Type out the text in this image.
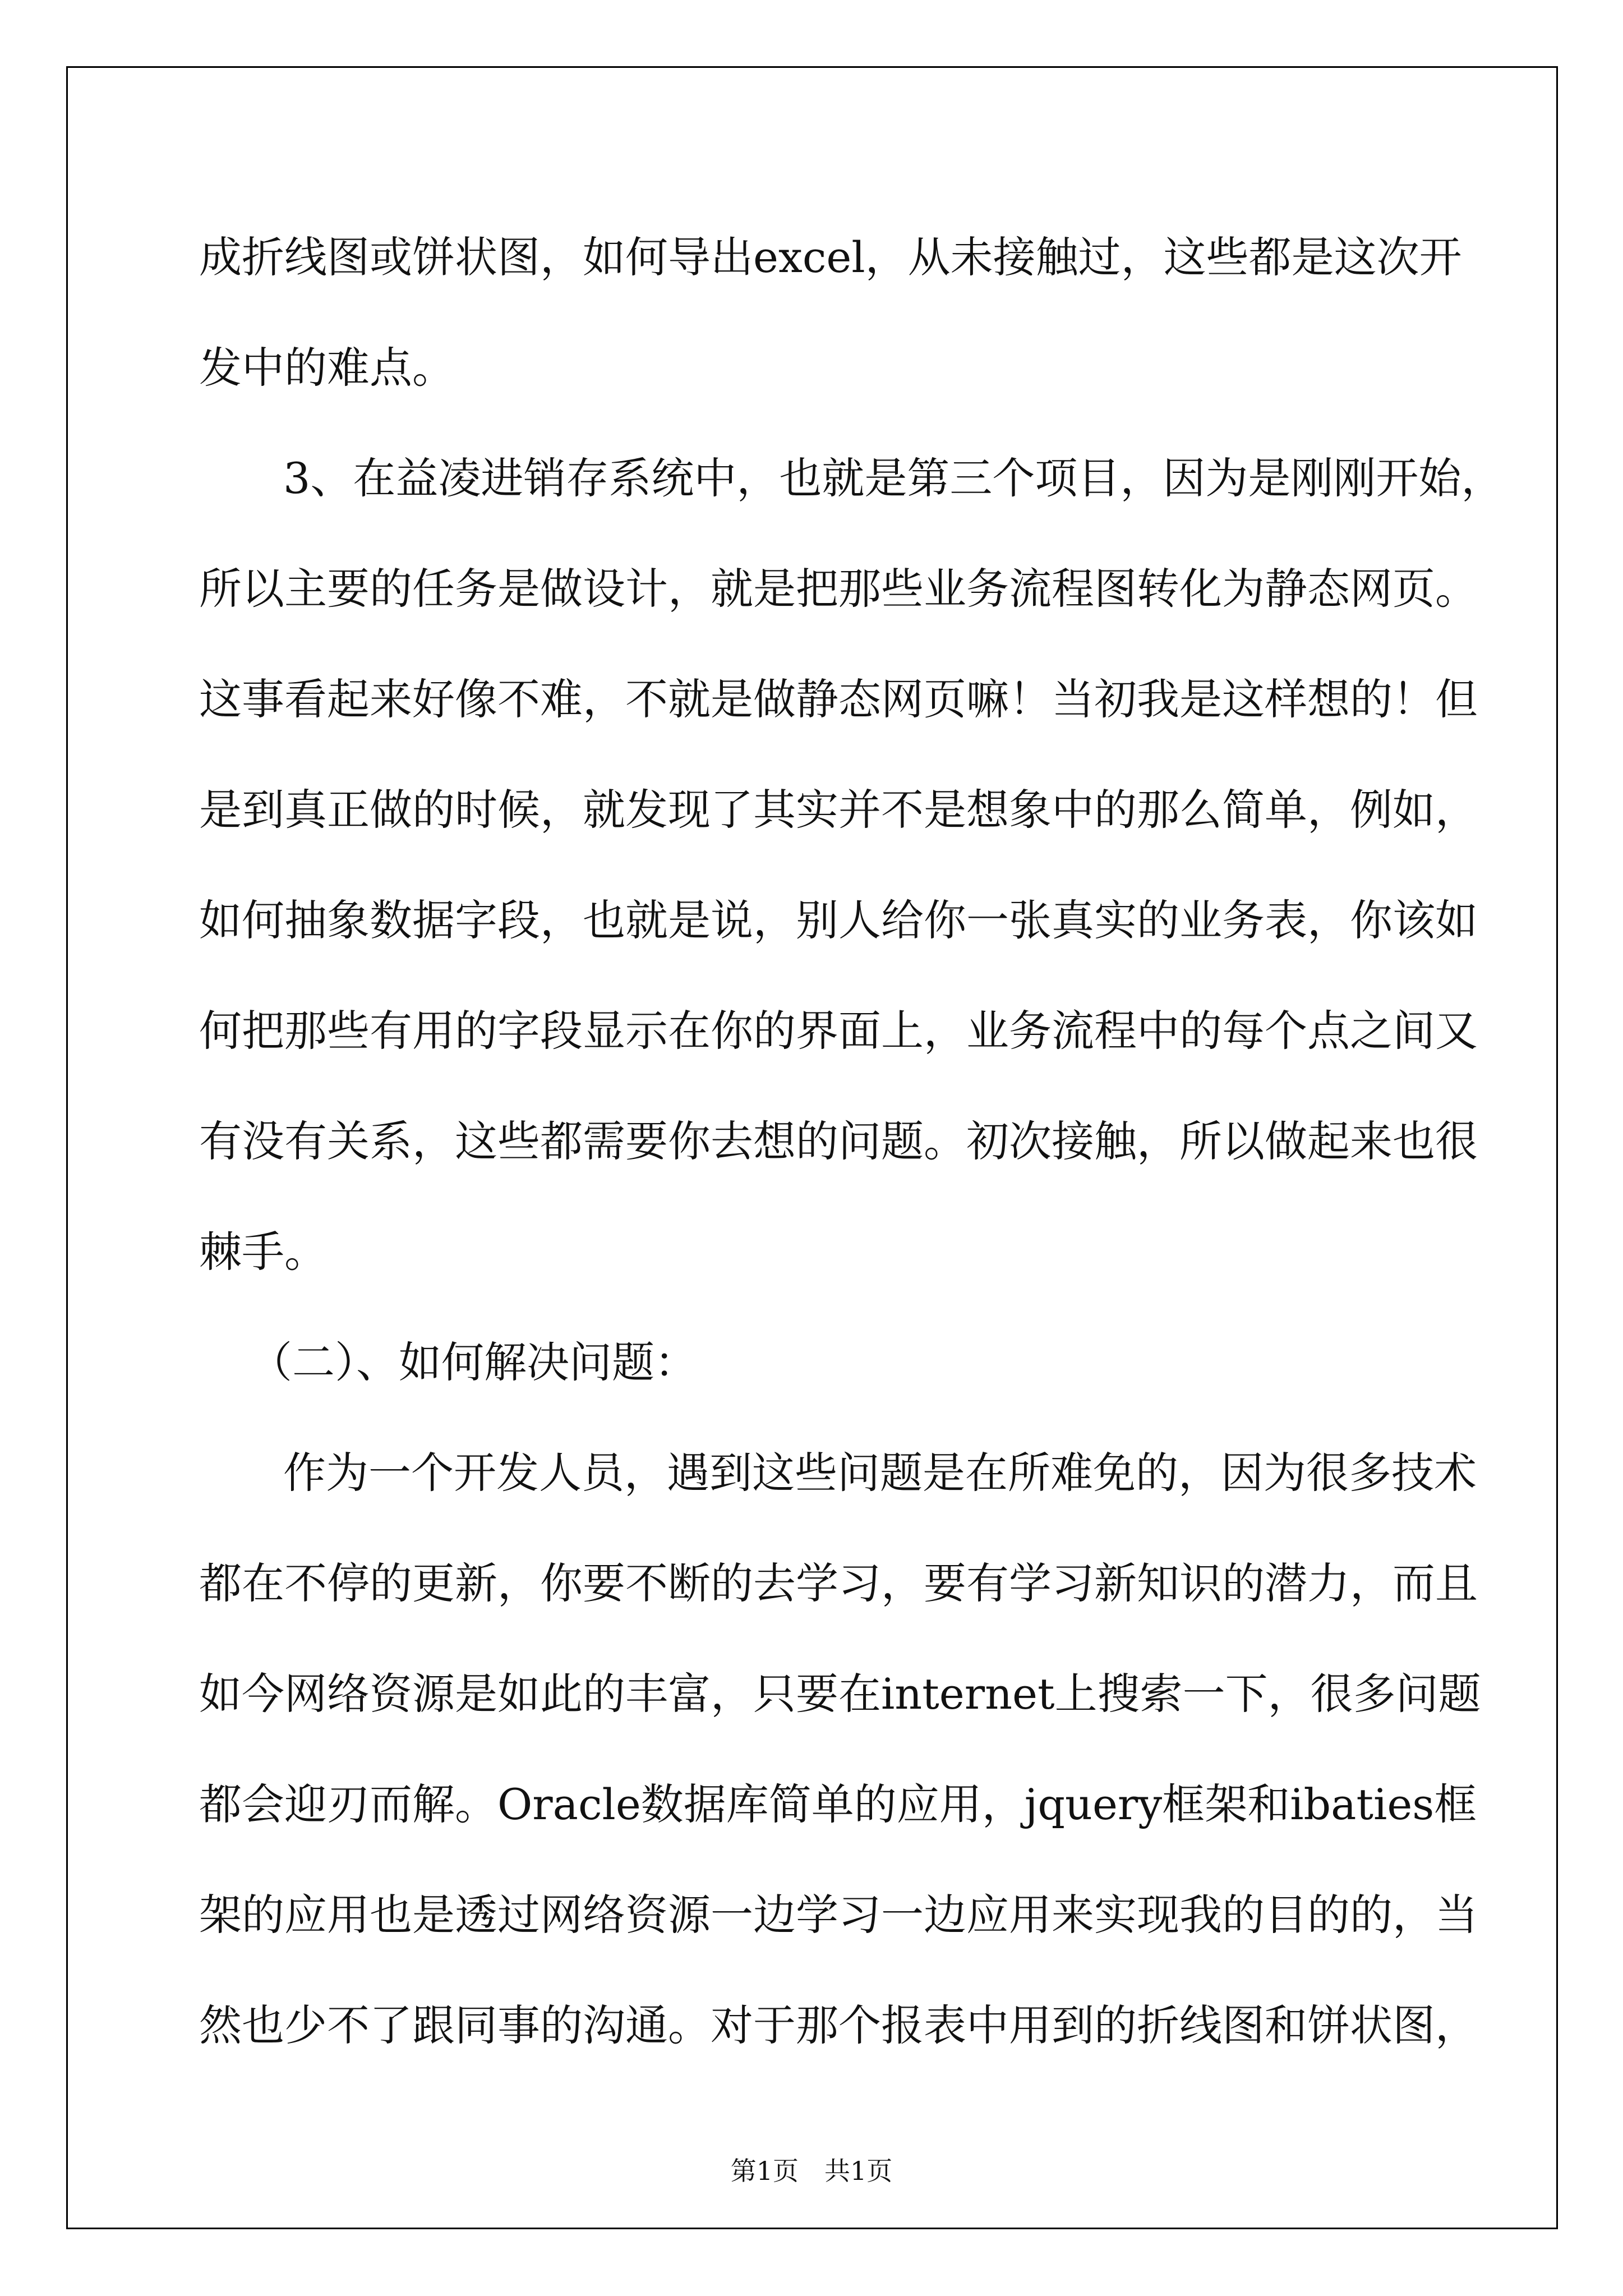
成折线图或饼状图，如何导出excel，从未接触过，这些都是这次开
发中的难点。
3、在益凌进销存系统中，也就是第三个项目，因为是刚刚开始，
所以主要的任务是做设计，就是把那些业务流程图转化为静态网页。
这事看起来好像不难，不就是做静态网页嘛！当初我是这样想的！但
是到真正做的时候，就发现了其实并不是想象中的那么简单，例如，
如何抽象数据字段，也就是说，别人给你一张真实的业务表，你该如
何把那些有用的字段显示在你的界面上，业务流程中的每个点之间又
有没有关系，这些都需要你去想的问题。初次接触，所以做起来也很
棘手。
（二）、如何解决问题：
作为一个开发人员，遇到这些问题是在所难免的，因为很多技术
都在不停的更新，你要不断的去学习，要有学习新知识的潜力，而且
如今网络资源是如此的丰富，只要在internet上搜索一下，很多问题
都会迎刃而解。Oracle数据库简单的应用，jquery框架和ibaties框
架的应用也是透过网络资源一边学习一边应用来实现我的目的的，当
然也少不了跟同事的沟通。对于那个报表中用到的折线图和饼状图，
第1页　共1页
